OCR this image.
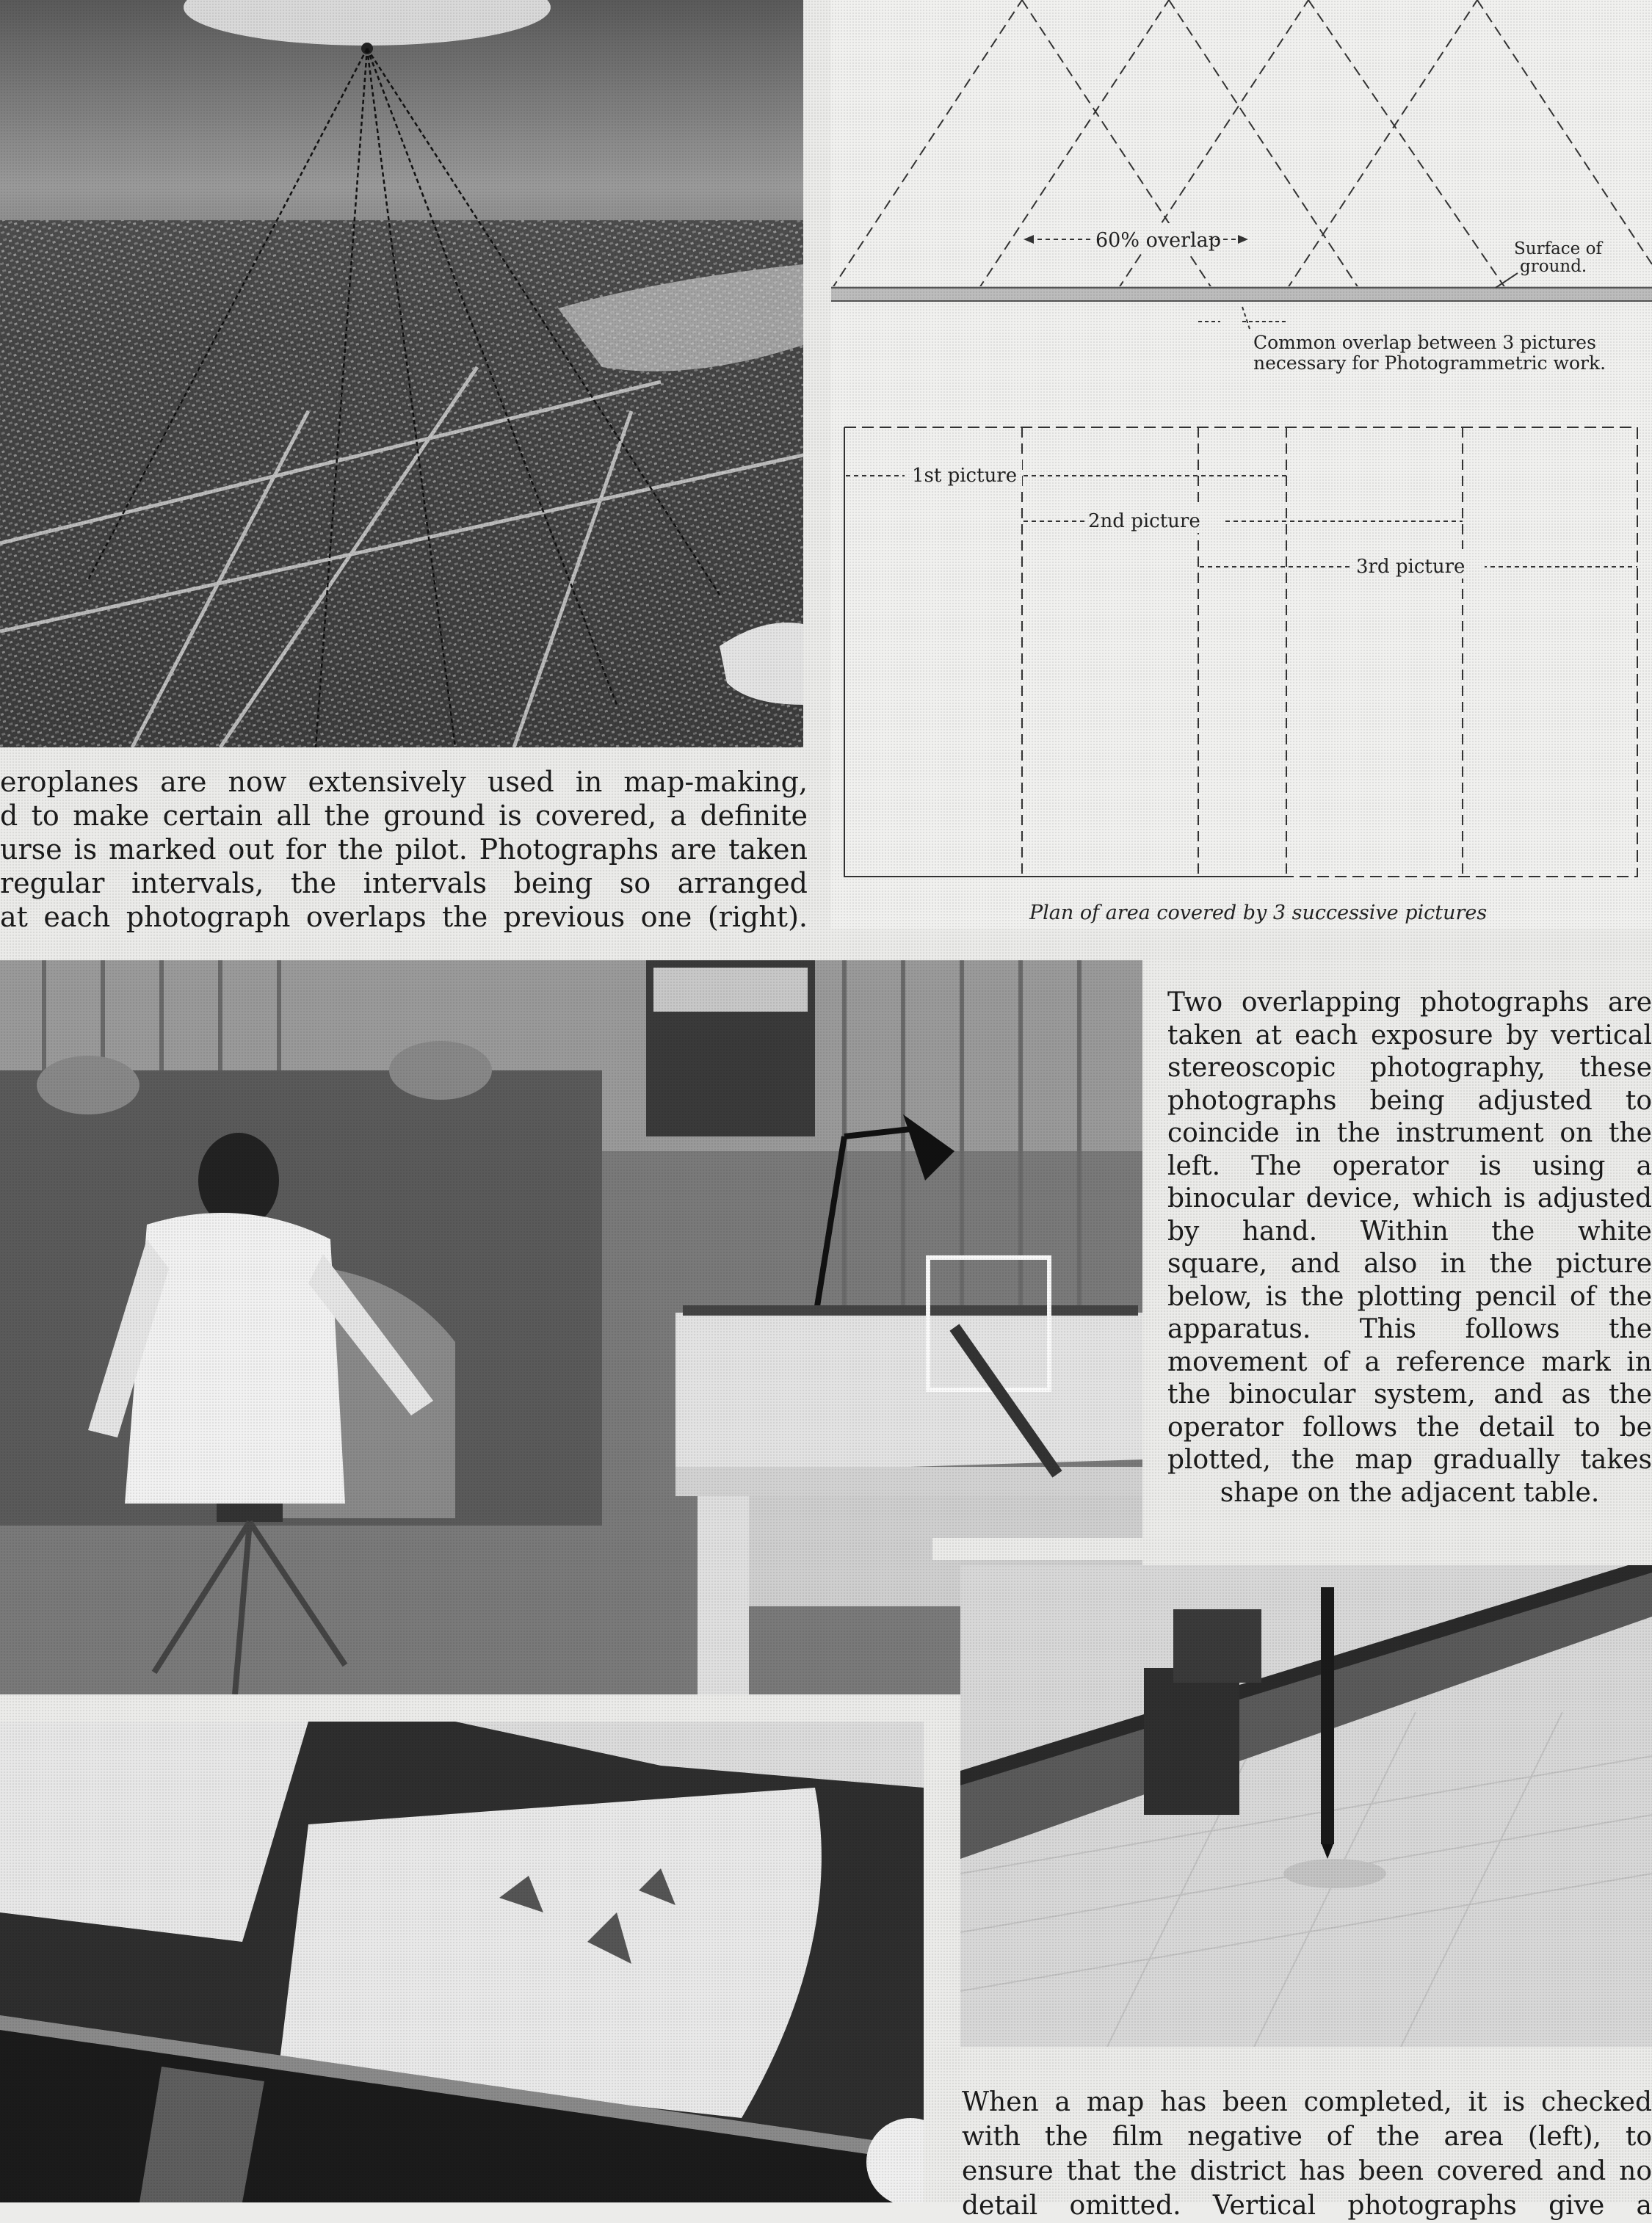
eroplanes are now extensively used in map-making,
d to make certain all the ground is covered, a definite
urse is marked out for the pilot. Photographs are taken
regular intervals, the intervals being so arranged
at each photograph overlaps the previous one (right).
60% overlap	Surface of
ground.
Common overlap between 3 pictures
necessary for Photogrammetric work.
1st picture
2nd picture
3rd picture
Plan of area covered by 3 successive pictures
Two overlapping photographs are
taken at each exposure by vertical
stereoscopic photography, these
photographs being adjusted to
coincide in the instrument on the
left. The operator is using a
binocular device, which is adjusted
by hand. Within the white
square, and also in the picture
below, is the plotting pencil of the
apparatus. This follows the
movement of a reference mark in
the binocular system, and as the
operator follows the detail to be
plotted, the map gradually takes
shape on the adjacent table.
When a map has been completed, it is checked
with the film negative of the area (left), to
ensure that the district has been covered and no
detail omitted. Vertical photographs give a
